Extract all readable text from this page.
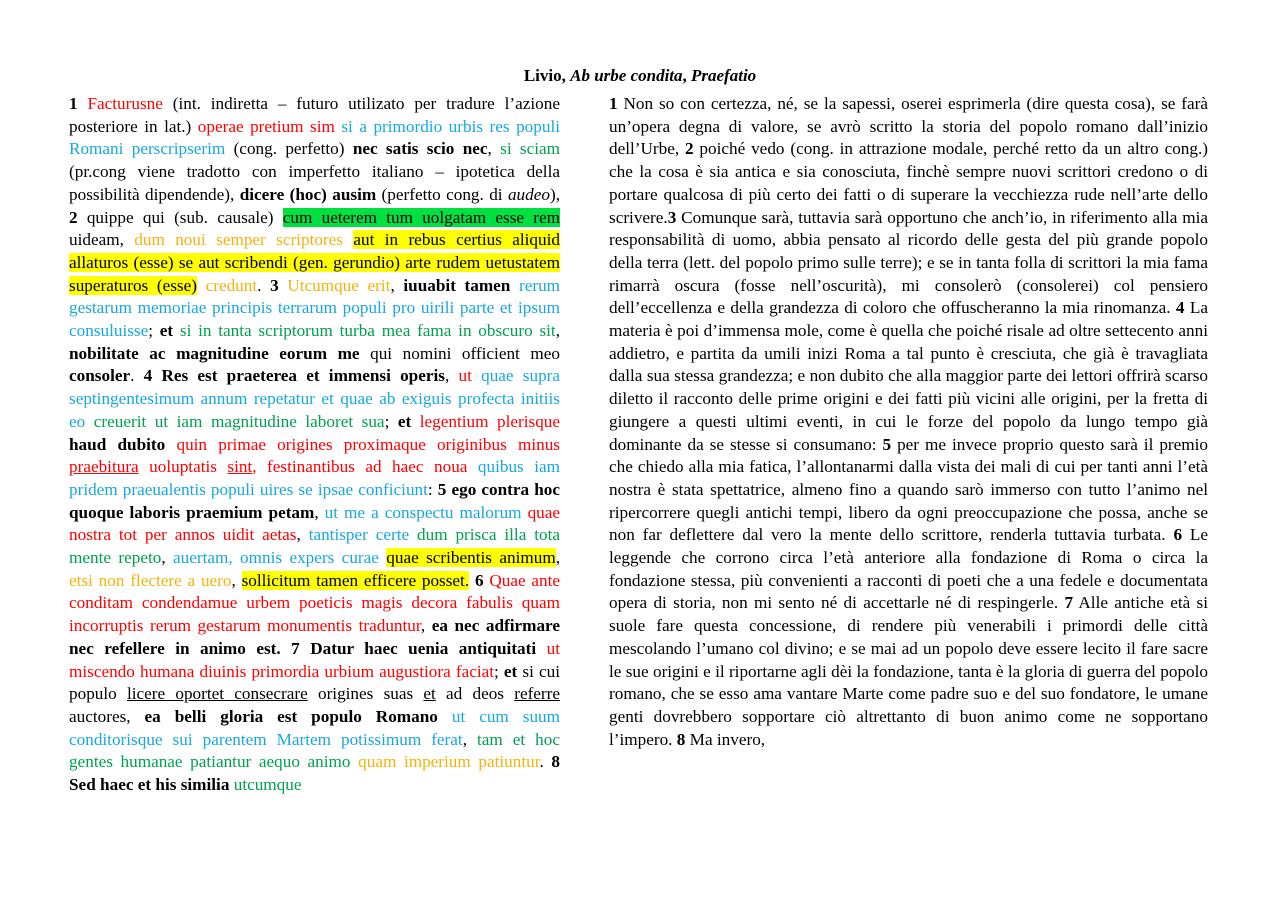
Livio, Ab urbe condita, Praefatio

1 Facturusne (int. indiretta – futuro utilizato per tradure l’azione posteriore in lat.) operae pretium sim si a primordio urbis res populi Romani perscripserim (cong. perfetto) nec satis scio nec, si sciam (pr.cong viene tradotto con imperfetto italiano – ipotetica della possibilità dipendende), dicere (hoc) ausim (perfetto cong. di audeo), 2 quippe qui (sub. causale) cum ueterem tum uolgatam esse rem uideam, dum noui semper scriptores aut in rebus certius aliquid allaturos (esse) se aut scribendi (gen. gerundio) arte rudem uetustatem superaturos (esse) credunt. 3 Utcumque erit, iuuabit tamen rerum gestarum memoriae principis terrarum populi pro uirili parte et ipsum consuluisse; et si in tanta scriptorum turba mea fama in obscuro sit, nobilitate ac magnitudine eorum me qui nomini officient meo consoler. 4 Res est praeterea et immensi operis, ut quae supra septingentesimum annum repetatur et quae ab exiguis profecta initiis eo creuerit ut iam magnitudine laboret sua; et legentium plerisque haud dubito quin primae origines proximaque originibus minus praebitura uoluptatis sint, festinantibus ad haec noua quibus iam pridem praeualentis populi uires se ipsae conficiunt: 5 ego contra hoc quoque laboris praemium petam, ut me a conspectu malorum quae nostra tot per annos uidit aetas, tantisper certe dum prisca illa tota mente repeto, auertam, omnis expers curae quae scribentis animum, etsi non flectere a uero, sollicitum tamen efficere posset. 6 Quae ante conditam condendamue urbem poeticis magis decora fabulis quam incorruptis rerum gestarum monumentis traduntur, ea nec adfirmare nec refellere in animo est. 7 Datur haec uenia antiquitati ut miscendo humana diuinis primordia urbium augustiora faciat; et si cui populo licere oportet consecrare origines suas et ad deos referre auctores, ea belli gloria est populo Romano ut cum suum conditorisque sui parentem Martem potissimum ferat, tam et hoc gentes humanae patiantur aequo animo quam imperium patiuntur. 8 Sed haec et his similia utcumque

1 Non so con certezza, né, se la sapessi, oserei esprimerla (dire questa cosa), se farà un’opera degna di valore, se avrò scritto la storia del popolo romano dall’inizio dell’Urbe, 2 poiché vedo (cong. in attrazione modale, perché retto da un altro cong.) che la cosa è sia antica e sia conosciuta, finchè sempre nuovi scrittori credono o di portare qualcosa di più certo dei fatti o di superare la vecchiezza rude nell’arte dello scrivere.3 Comunque sarà, tuttavia sarà opportuno che anch’io, in riferimento alla mia responsabilità di uomo, abbia pensato al ricordo delle gesta del più grande popolo della terra (lett. del popolo primo sulle terre); e se in tanta folla di scrittori la mia fama rimarrà oscura (fosse nell’oscurità), mi consolerò (consolerei) col pensiero dell’eccellenza e della grandezza di coloro che offuscheranno la mia rinomanza. 4 La materia è poi d’immensa mole, come è quella che poiché risale ad oltre settecento anni addietro, e partita da umili inizi Roma a tal punto è cresciuta, che già è travagliata dalla sua stessa grandezza; e non dubito che alla maggior parte dei lettori offrirà scarso diletto il racconto delle prime origini e dei fatti più vicini alle origini, per la fretta di giungere a questi ultimi eventi, in cui le forze del popolo da lungo tempo già dominante da se stesse si consumano: 5 per me invece proprio questo sarà il premio che chiedo alla mia fatica, l’allontanarmi dalla vista dei mali di cui per tanti anni l’età nostra è stata spettatrice, almeno fino a quando sarò immerso con tutto l’animo nel ripercorrere quegli antichi tempi, libero da ogni preoccupazione che possa, anche se non far deflettere dal vero la mente dello scrittore, renderla tuttavia turbata. 6 Le leggende che corrono circa l’età anteriore alla fondazione di Roma o circa la fondazione stessa, più convenienti a racconti di poeti che a una fedele e documentata opera di storia, non mi sento né di accettarle né di respingerle. 7 Alle antiche età si suole fare questa concessione, di rendere più venerabili i primordi delle città mescolando l’umano col divino; e se mai ad un popolo deve essere lecito il fare sacre le sue origini e il riportarne agli dèi la fondazione, tanta è la gloria di guerra del popolo romano, che se esso ama vantare Marte come padre suo e del suo fondatore, le umane genti dovrebbero sopportare ciò altrettanto di buon animo come ne sopportano l’impero. 8 Ma invero,
